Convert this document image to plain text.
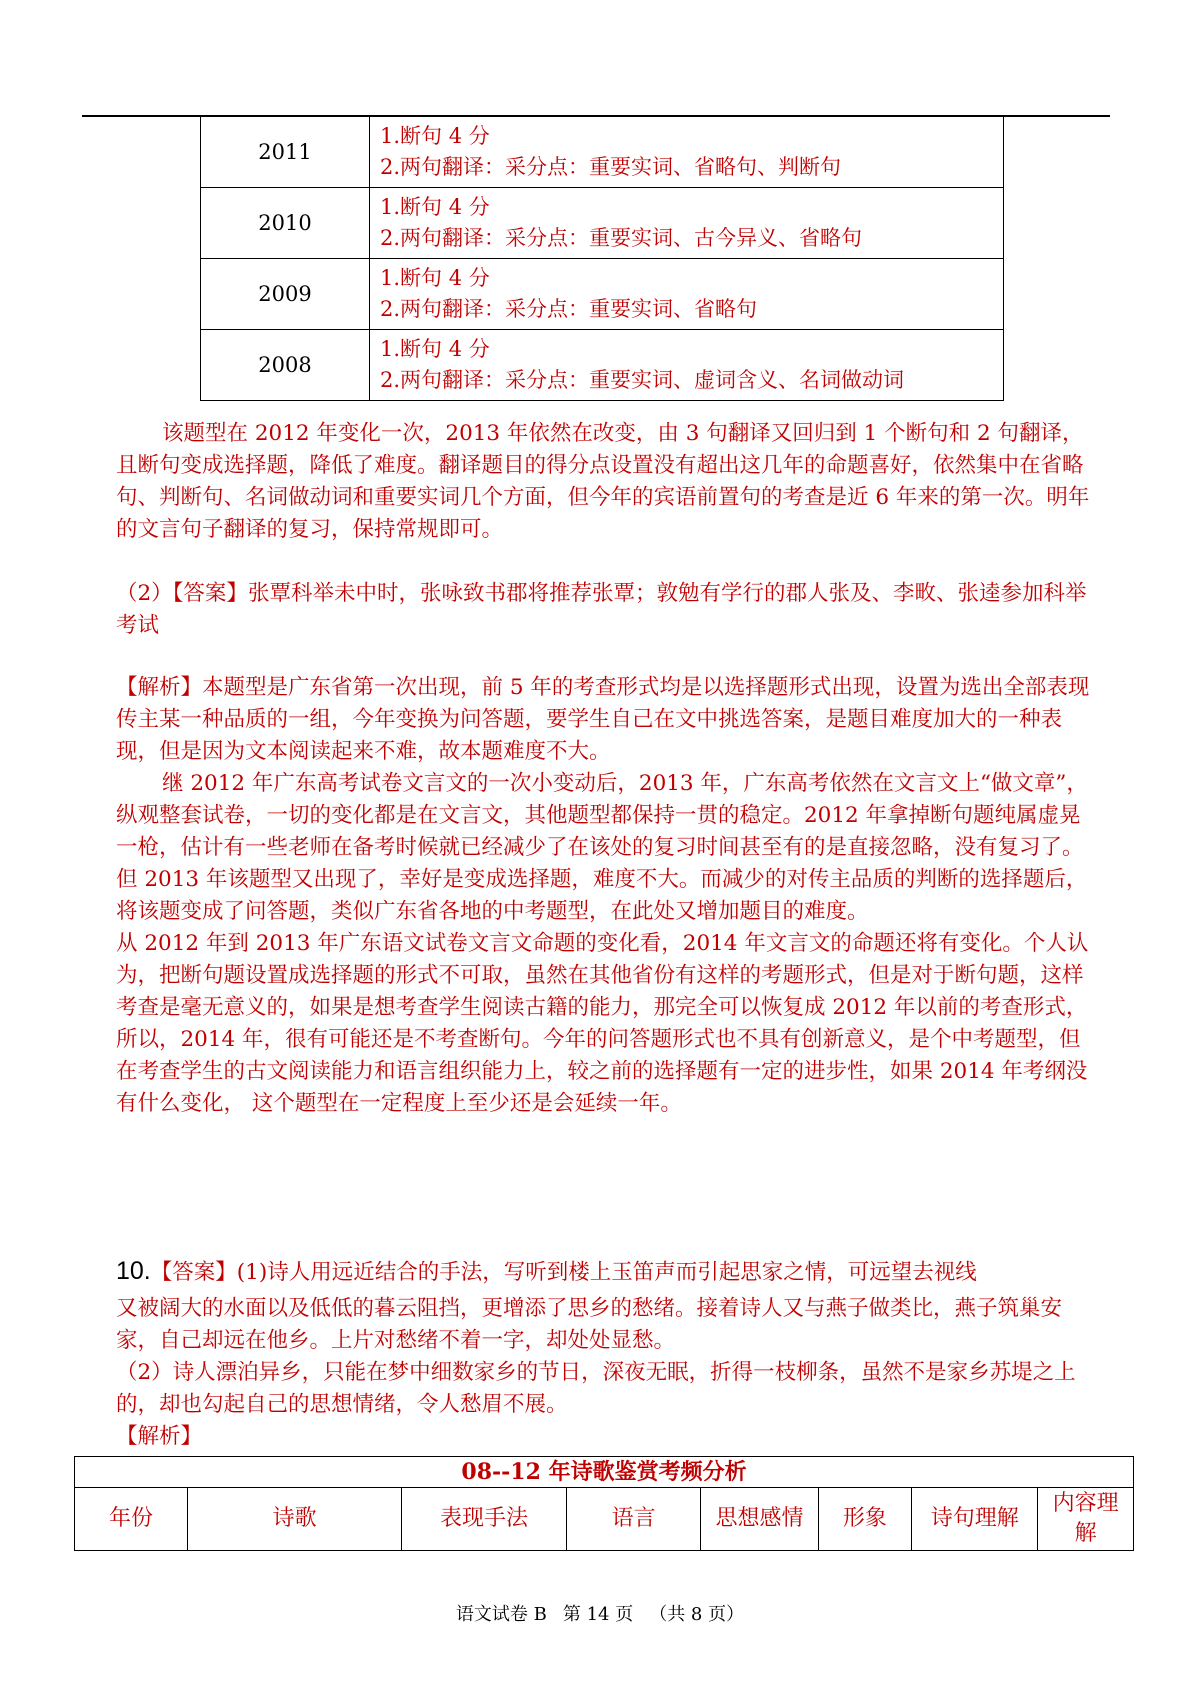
2011	1.断句 4 分
2.两句翻译：采分点：重要实词、省略句、判断句

2010	1.断句 4 分
2.两句翻译：采分点：重要实词、古今异义、省略句

2009	1.断句 4 分
2.两句翻译：采分点：重要实词、省略句

2008	1.断句 4 分
2.两句翻译：采分点：重要实词、虚词含义、名词做动词
该题型在 2012 年变化一次，2013 年依然在改变，由 3 句翻译又回归到 1 个断句和 2 句翻译，且断句变成选择题，降低了难度。翻译题目的得分点设置没有超出这几年的命题喜好，依然集中在省略句、判断句、名词做动词和重要实词几个方面，但今年的宾语前置句的考查是近 6 年来的第一次。明年的文言句子翻译的复习，保持常规即可。
（2）【答案】张覃科举未中时，张咏致书郡将推荐张覃；敦勉有学行的郡人张及、李畋、张逵参加科举考试
【解析】本题型是广东省第一次出现，前 5 年的考查形式均是以选择题形式出现，设置为选出全部表现传主某一种品质的一组，今年变换为问答题，要学生自己在文中挑选答案，是题目难度加大的一种表现，但是因为文本阅读起来不难，故本题难度不大。
继 2012 年广东高考试卷文言文的一次小变动后，2013 年，广东高考依然在文言文上“做文章”，纵观整套试卷，一切的变化都是在文言文，其他题型都保持一贯的稳定。2012 年拿掉断句题纯属虚晃一枪，估计有一些老师在备考时候就已经减少了在该处的复习时间甚至有的是直接忽略，没有复习了。但 2013 年该题型又出现了，幸好是变成选择题，难度不大。而减少的对传主品质的判断的选择题后，将该题变成了问答题，类似广东省各地的中考题型，在此处又增加题目的难度。
从 2012 年到 2013 年广东语文试卷文言文命题的变化看，2014 年文言文的命题还将有变化。个人认为，把断句题设置成选择题的形式不可取，虽然在其他省份有这样的考题形式，但是对于断句题，这样考查是毫无意义的，如果是想考查学生阅读古籍的能力，那完全可以恢复成 2012 年以前的考查形式，所以，2014 年，很有可能还是不考查断句。今年的问答题形式也不具有创新意义，是个中考题型，但在考查学生的古文阅读能力和语言组织能力上，较之前的选择题有一定的进步性，如果 2014 年考纲没有什么变化， 这个题型在一定程度上至少还是会延续一年。
10.【答案】(1)诗人用远近结合的手法，写听到楼上玉笛声而引起思家之情，可远望去视线
又被阔大的水面以及低低的暮云阻挡，更增添了思乡的愁绪。接着诗人又与燕子做类比，燕子筑巢安家，自己却远在他乡。上片对愁绪不着一字，却处处显愁。
（2）诗人漂泊异乡，只能在梦中细数家乡的节日，深夜无眠，折得一枝柳条，虽然不是家乡苏堤之上的，却也勾起自己的思想情绪，令人愁眉不展。
【解析】
08--12 年诗歌鉴赏考频分析
年份	诗歌	表现手法	语言	思想感情	形象	诗句理解	内容理解
语文试卷 B 第 14 页 （共 8 页）
